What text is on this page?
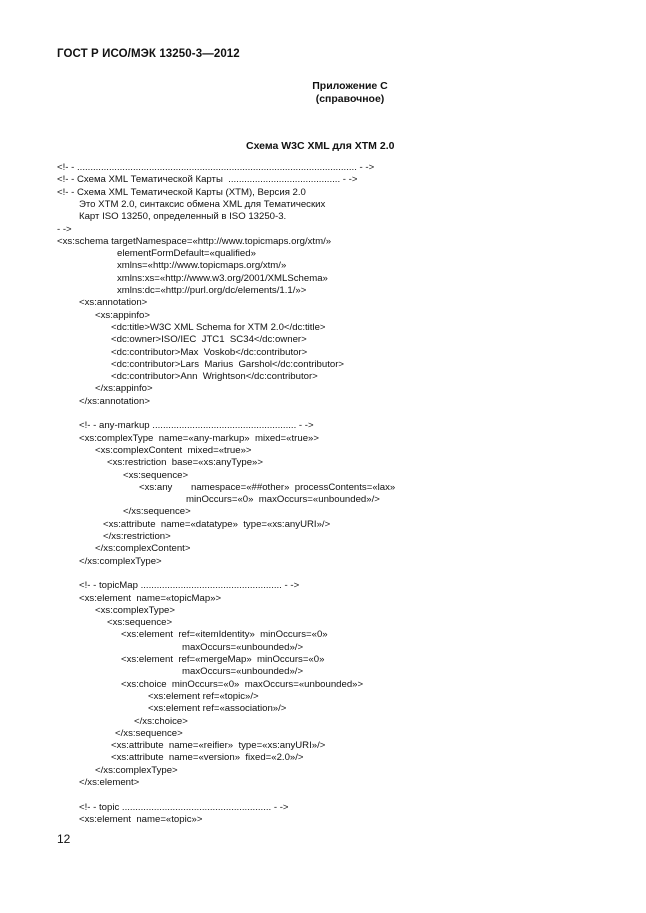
ГОСТ Р ИСО/МЭК 13250-3—2012
Приложение С
(справочное)
Схема W3C XML для XTM 2.0
<!- - ......................................................................................................... - ->
<!- - Схема XML Тематической Карты  .......................................... - ->
<!- - Схема XML Тематической Карты (XTM), Версия 2.0
Это XTM 2.0, синтаксис обмена XML для Тематических
Карт ISO 13250, определенный в ISO 13250-3.
- ->
<xs:schema targetNamespace=«http://www.topicmaps.org/xtm/»
elementFormDefault=«qualified»
xmlns=«http://www.topicmaps.org/xtm/»
xmlns:xs=«http://www.w3.org/2001/XMLSchema»
xmlns:dc=«http://purl.org/dc/elements/1.1/»>
<xs:annotation>
<xs:appinfo>
<dc:title>W3C XML Schema for XTM 2.0</dc:title>
<dc:owner>ISO/IEC  JTC1  SC34</dc:owner>
<dc:contributor>Max  Voskob</dc:contributor>
<dc:contributor>Lars  Marius  Garshol</dc:contributor>
<dc:contributor>Ann  Wrightson</dc:contributor>
</xs:appinfo>
</xs:annotation>
<!- - any-markup ...................................................... - ->
<xs:complexType  name=«any-markup»  mixed=«true»>
<xs:complexContent  mixed=«true»>
<xs:restriction  base=«xs:anyType»>
<xs:sequence>
<xs:any       namespace=«##other»  processContents=«lax»
minOccurs=«0»  maxOccurs=«unbounded»/>
</xs:sequence>
<xs:attribute  name=«datatype»  type=«xs:anyURI»/>
</xs:restriction>
</xs:complexContent>
</xs:complexType>
<!- - topicMap ..................................................... - ->
<xs:element  name=«topicMap»>
<xs:complexType>
<xs:sequence>
<xs:element  ref=«itemIdentity»  minOccurs=«0»
maxOccurs=«unbounded»/>
<xs:element  ref=«mergeMap»  minOccurs=«0»
maxOccurs=«unbounded»/>
<xs:choice  minOccurs=«0»  maxOccurs=«unbounded»>
<xs:element ref=«topic»/>
<xs:element ref=«association»/>
</xs:choice>
</xs:sequence>
<xs:attribute  name=«reifier»  type=«xs:anyURI»/>
<xs:attribute  name=«version»  fixed=«2.0»/>
</xs:complexType>
</xs:element>
<!- - topic ........................................................ - ->
<xs:element  name=«topic»>
12
